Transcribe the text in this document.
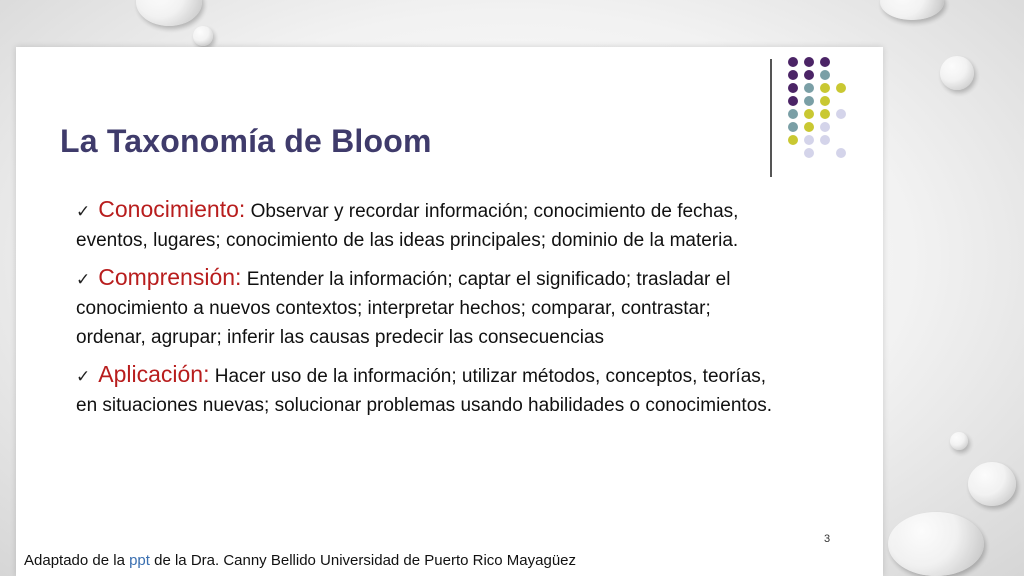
La Taxonomía de Bloom
✓ Conocimiento: Observar y recordar información; conocimiento de fechas, eventos, lugares; conocimiento de las ideas principales; dominio de la materia.
✓ Comprensión: Entender la información; captar el significado; trasladar el conocimiento a nuevos contextos; interpretar hechos; comparar, contrastar; ordenar, agrupar; inferir las causas predecir las consecuencias
✓ Aplicación: Hacer uso de la información; utilizar métodos, conceptos, teorías, en situaciones nuevas; solucionar problemas usando habilidades o conocimientos.
3
Adaptado de la ppt de la Dra. Canny Bellido Universidad de Puerto Rico Mayagüez
